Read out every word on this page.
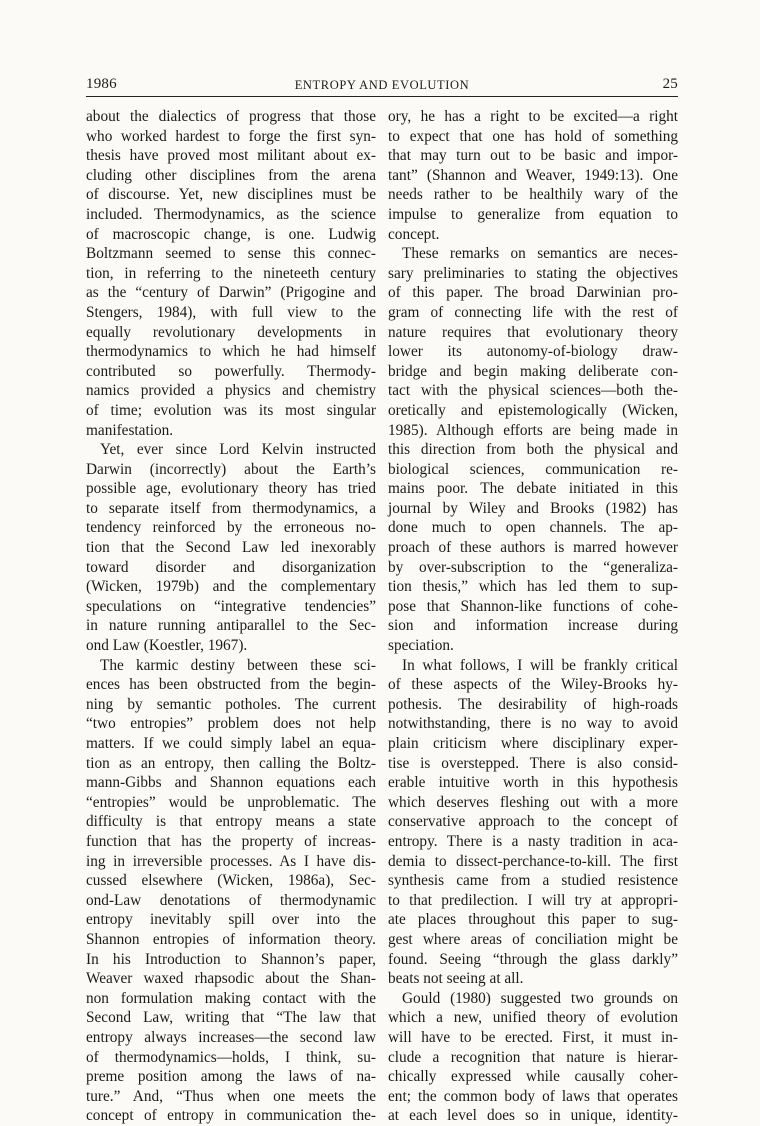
1986	ENTROPY AND EVOLUTION	25
about the dialectics of progress that those
who worked hardest to forge the first syn-
thesis have proved most militant about ex-
cluding other disciplines from the arena
of discourse. Yet, new disciplines must be
included. Thermodynamics, as the science
of macroscopic change, is one. Ludwig
Boltzmann seemed to sense this connec-
tion, in referring to the nineteeth century
as the “century of Darwin” (Prigogine and
Stengers, 1984), with full view to the
equally revolutionary developments in
thermodynamics to which he had himself
contributed so powerfully. Thermody-
namics provided a physics and chemistry
of time; evolution was its most singular
manifestation.
Yet, ever since Lord Kelvin instructed
Darwin (incorrectly) about the Earth’s
possible age, evolutionary theory has tried
to separate itself from thermodynamics, a
tendency reinforced by the erroneous no-
tion that the Second Law led inexorably
toward disorder and disorganization
(Wicken, 1979b) and the complementary
speculations on “integrative tendencies”
in nature running antiparallel to the Sec-
ond Law (Koestler, 1967).
The karmic destiny between these sci-
ences has been obstructed from the begin-
ning by semantic potholes. The current
“two entropies” problem does not help
matters. If we could simply label an equa-
tion as an entropy, then calling the Boltz-
mann-Gibbs and Shannon equations each
“entropies” would be unproblematic. The
difficulty is that entropy means a state
function that has the property of increas-
ing in irreversible processes. As I have dis-
cussed elsewhere (Wicken, 1986a), Sec-
ond-Law denotations of thermodynamic
entropy inevitably spill over into the
Shannon entropies of information theory.
In his Introduction to Shannon’s paper,
Weaver waxed rhapsodic about the Shan-
non formulation making contact with the
Second Law, writing that “The law that
entropy always increases—the second law
of thermodynamics—holds, I think, su-
preme position among the laws of na-
ture.” And, “Thus when one meets the
concept of entropy in communication the-
ory, he has a right to be excited—a right
to expect that one has hold of something
that may turn out to be basic and impor-
tant” (Shannon and Weaver, 1949:13). One
needs rather to be healthily wary of the
impulse to generalize from equation to
concept.
These remarks on semantics are neces-
sary preliminaries to stating the objectives
of this paper. The broad Darwinian pro-
gram of connecting life with the rest of
nature requires that evolutionary theory
lower its autonomy-of-biology draw-
bridge and begin making deliberate con-
tact with the physical sciences—both the-
oretically and epistemologically (Wicken,
1985). Although efforts are being made in
this direction from both the physical and
biological sciences, communication re-
mains poor. The debate initiated in this
journal by Wiley and Brooks (1982) has
done much to open channels. The ap-
proach of these authors is marred however
by over-subscription to the “generaliza-
tion thesis,” which has led them to sup-
pose that Shannon-like functions of cohe-
sion and information increase during
speciation.
In what follows, I will be frankly critical
of these aspects of the Wiley-Brooks hy-
pothesis. The desirability of high-roads
notwithstanding, there is no way to avoid
plain criticism where disciplinary exper-
tise is overstepped. There is also consid-
erable intuitive worth in this hypothesis
which deserves fleshing out with a more
conservative approach to the concept of
entropy. There is a nasty tradition in aca-
demia to dissect-perchance-to-kill. The first
synthesis came from a studied resistence
to that predilection. I will try at appropri-
ate places throughout this paper to sug-
gest where areas of conciliation might be
found. Seeing “through the glass darkly”
beats not seeing at all.
Gould (1980) suggested two grounds on
which a new, unified theory of evolution
will have to be erected. First, it must in-
clude a recognition that nature is hierar-
chically expressed while causally coher-
ent; the common body of laws that operates
at each level does so in unique, identity-
